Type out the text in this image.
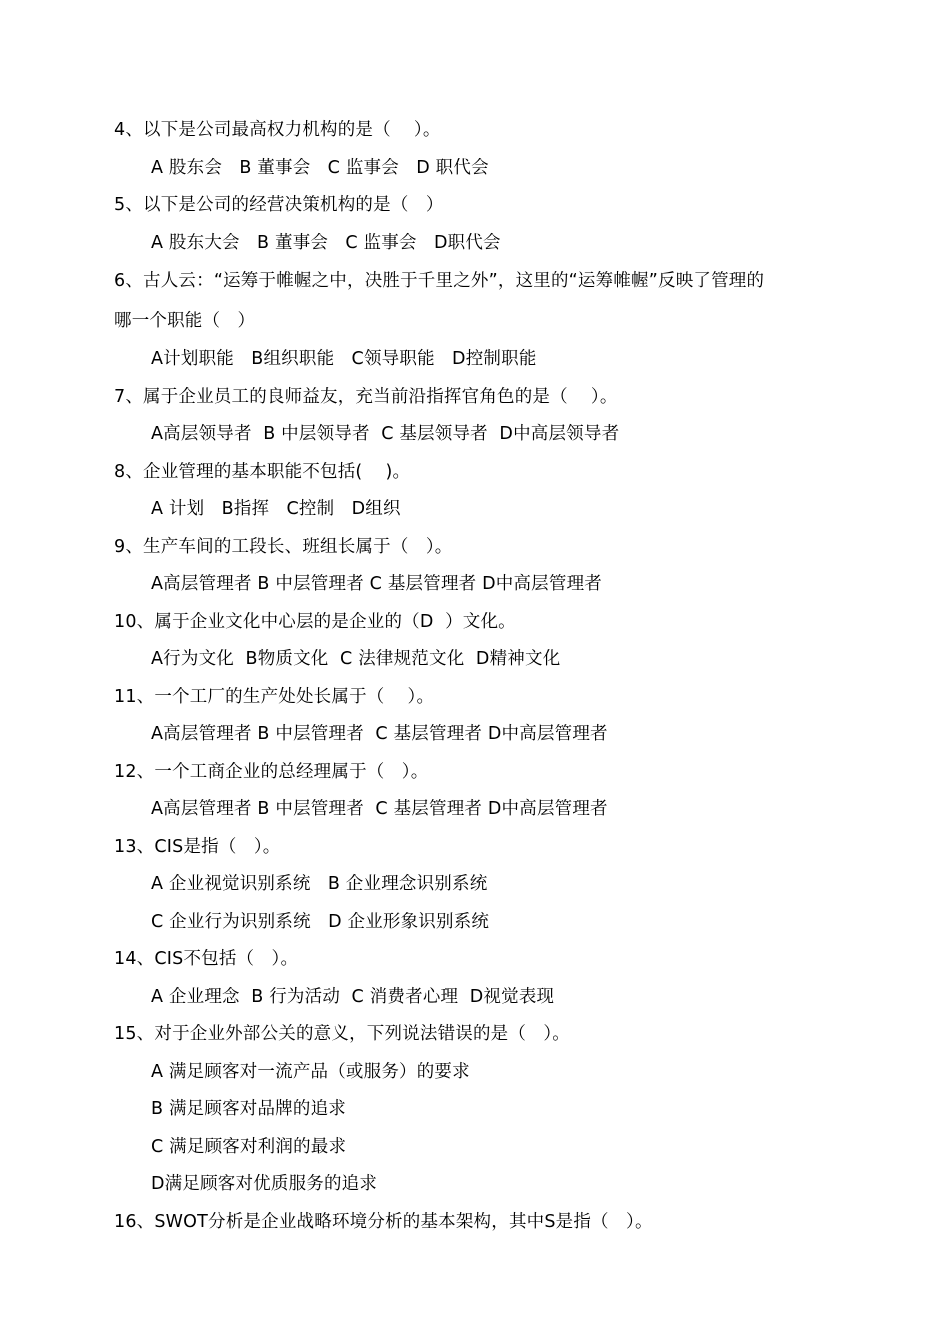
4、以下是公司最高权力机构的是（    ）。
A 股东会   B 董事会   C 监事会   D 职代会
5、以下是公司的经营决策机构的是（   ）
A 股东大会   B 董事会   C 监事会   D职代会
6、古人云：“运筹于帷幄之中，决胜于千里之外”，这里的“运筹帷幄”反映了管理的
哪一个职能（   ）
A计划职能   B组织职能   C领导职能   D控制职能
7、属于企业员工的良师益友，充当前沿指挥官角色的是（    ）。
A高层领导者  B 中层领导者  C 基层领导者  D中高层领导者
8、企业管理的基本职能不包括(    )。
A 计划   B指挥   C控制   D组织
9、生产车间的工段长、班组长属于（   ）。
A高层管理者 B 中层管理者 C 基层管理者 D中高层管理者
10、属于企业文化中心层的是企业的（D  ）文化。
A行为文化  B物质文化  C 法律规范文化  D精神文化
11、一个工厂的生产处处长属于（    ）。
A高层管理者 B 中层管理者  C 基层管理者 D中高层管理者
12、一个工商企业的总经理属于（   ）。
A高层管理者 B 中层管理者  C 基层管理者 D中高层管理者
13、CIS是指（   ）。
A 企业视觉识别系统   B 企业理念识别系统
C 企业行为识别系统   D 企业形象识别系统
14、CIS不包括（   ）。
A 企业理念  B 行为活动  C 消费者心理  D视觉表现
15、对于企业外部公关的意义，下列说法错误的是（   ）。
A 满足顾客对一流产品（或服务）的要求
B 满足顾客对品牌的追求
C 满足顾客对利润的最求
D满足顾客对优质服务的追求
16、SWOT分析是企业战略环境分析的基本架构，其中S是指（   ）。
